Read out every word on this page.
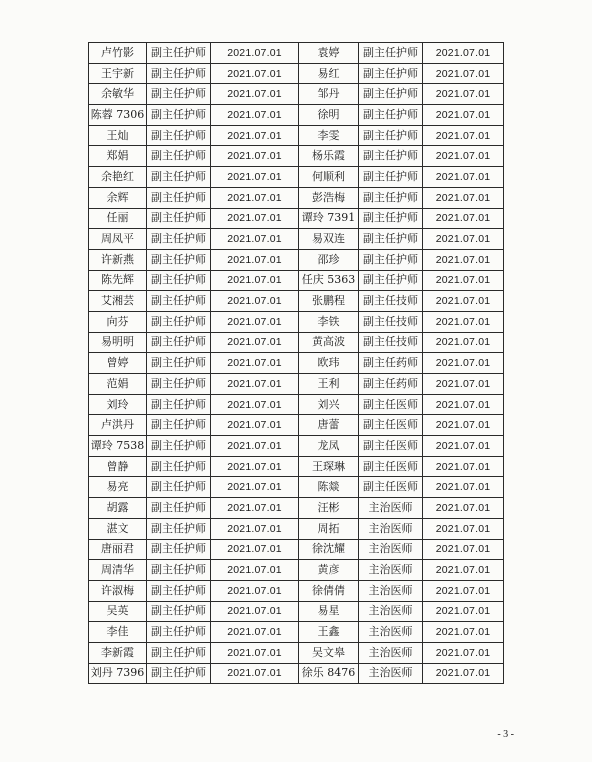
卢竹影	副主任护师	2021.07.01	袁婷	副主任护师	2021.07.01
王宇新	副主任护师	2021.07.01	易红	副主任护师	2021.07.01
余敏华	副主任护师	2021.07.01	邹丹	副主任护师	2021.07.01
陈蓉 7306	副主任护师	2021.07.01	徐明	副主任护师	2021.07.01
王灿	副主任护师	2021.07.01	李雯	副主任护师	2021.07.01
郑娟	副主任护师	2021.07.01	杨乐霞	副主任护师	2021.07.01
余艳红	副主任护师	2021.07.01	何顺利	副主任护师	2021.07.01
余辉	副主任护师	2021.07.01	彭浩梅	副主任护师	2021.07.01
任丽	副主任护师	2021.07.01	谭玲 7391	副主任护师	2021.07.01
周凤平	副主任护师	2021.07.01	易双连	副主任护师	2021.07.01
许新燕	副主任护师	2021.07.01	邵珍	副主任护师	2021.07.01
陈先辉	副主任护师	2021.07.01	任庆 5363	副主任护师	2021.07.01
艾湘芸	副主任护师	2021.07.01	张鹏程	副主任技师	2021.07.01
向芬	副主任护师	2021.07.01	李铁	副主任技师	2021.07.01
易明明	副主任护师	2021.07.01	黄高波	副主任技师	2021.07.01
曾婷	副主任护师	2021.07.01	欧玮	副主任药师	2021.07.01
范娟	副主任护师	2021.07.01	王利	副主任药师	2021.07.01
刘玲	副主任护师	2021.07.01	刘兴	副主任医师	2021.07.01
卢洪丹	副主任护师	2021.07.01	唐蕾	副主任医师	2021.07.01
谭玲 7538	副主任护师	2021.07.01	龙凤	副主任医师	2021.07.01
曾静	副主任护师	2021.07.01	王琛琳	副主任医师	2021.07.01
易亮	副主任护师	2021.07.01	陈燚	副主任医师	2021.07.01
胡露	副主任护师	2021.07.01	汪彬	主治医师	2021.07.01
湛文	副主任护师	2021.07.01	周拓	主治医师	2021.07.01
唐丽君	副主任护师	2021.07.01	徐沈耀	主治医师	2021.07.01
周清华	副主任护师	2021.07.01	黄彦	主治医师	2021.07.01
许淑梅	副主任护师	2021.07.01	徐倩倩	主治医师	2021.07.01
吴英	副主任护师	2021.07.01	易星	主治医师	2021.07.01
李佳	副主任护师	2021.07.01	王鑫	主治医师	2021.07.01
李新霞	副主任护师	2021.07.01	吴文皋	主治医师	2021.07.01
刘丹 7396	副主任护师	2021.07.01	徐乐 8476	主治医师	2021.07.01
- 3 -
